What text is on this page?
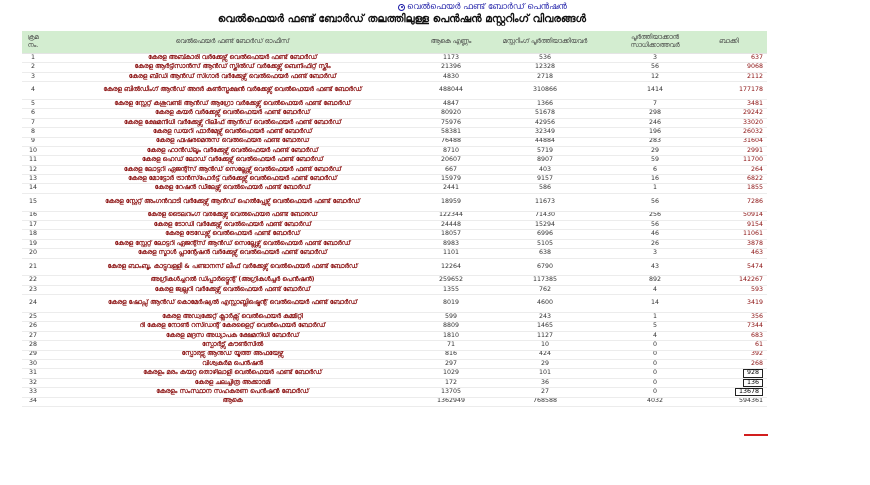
വെൽഫെയർ ഫണ്ട് ബോർഡ് പെൻഷൻ
വെൽഫെയർ ഫണ്ട് ബോർഡ് തലത്തിലുള്ള പെൻഷൻ മസ്റ്ററിംഗ് വിവരങ്ങൾ
ക്രമ നം.	വെൽഫെയർ ഫണ്ട് ബോർഡ് ഓഫീസ്	ആകെ എണ്ണം	മസ്റ്ററിംഗ് പൂർത്തിയാക്കിയവർ	പൂർത്തിയാക്കാൻ സാധിക്കാത്തവർ	ബാക്കി
1	കേരള അബ്കാരി വർക്കേഴ്സ് വെൽഫെയർ ഫണ്ട് ബോർഡ്	1173	536	3	637
2	കേരള ആർട്ടിസാൻസ് ആൻഡ് സ്കിൽഡ് വർക്കേഴ്സ് ബെനിഫിറ്റ് സ്കീം	21396	12328	56	9068
3	കേരള ബീഡി ആൻഡ് സിഗാർ വർക്കേഴ്സ് വെൽഫെയർ ഫണ്ട് ബോർഡ്	4830	2718	12	2112
4	കേരള ബിൽഡിംഗ് ആൻഡ് അദർ കൺസ്ട്രക്ഷൻ വർക്കേഴ്സ് വെൽഫെയർ ഫണ്ട് ബോർഡ്	488044	310866	1414	177178
5	കേരള സ്റ്റേറ്റ് കശുവണ്ടി ആൻഡ് ആഗ്രോ വർക്കേഴ്സ് വെൽഫെയർ ഫണ്ട് ബോർഡ്	4847	1366	7	3481
6	കേരള കയർ വർക്കേഴ്സ് വെൽഫെയർ ഫണ്ട് ബോർഡ്	80920	51678	298	29242
7	കേരള ക്ഷേമനിധി വർക്കേഴ്സ് റിലീഫ് ആൻഡ് വെൽഫെയർ ഫണ്ട് ബോർഡ്	75976	42956	246	33020
8	കേരള ഡയറി ഫാർമേഴ്സ് വെൽഫെയർ ഫണ്ട് ബോർഡ്	58381	32349	196	26032
9	കേരള ഫിഷർമെൻസ് വെൽഫെയർ ഫണ്ട് ബോർഡ്	76488	44884	283	31604
10	കേരള ഹാൻഡ്‌ലൂം വർക്കേഴ്സ് വെൽഫെയർ ഫണ്ട് ബോർഡ്	8710	5719	29	2991
11	കേരള ഹെഡ് ലോഡ് വർക്കേഴ്സ് വെൽഫെയർ ഫണ്ട് ബോർഡ്	20607	8907	59	11700
12	കേരള ലോട്ടറി ഏജന്റ്സ് ആൻഡ് സെല്ലേഴ്സ് വെൽഫെയർ ഫണ്ട് ബോർഡ്	667	403	6	264
13	കേരള മോട്ടോർ ട്രാൻസ്‌പോർട്ട് വർക്കേഴ്സ് വെൽഫെയർ ഫണ്ട് ബോർഡ്	15979	9157	16	6822
14	കേരള റേഷൻ ഡീലേഴ്സ് വെൽഫെയർ ഫണ്ട് ബോർഡ്	2441	586	1	1855
15	കേരള സ്റ്റേറ്റ് അംഗൻവാടി വർക്കേഴ്സ് ആൻഡ് ഹെൽപ്പേഴ്സ് വെൽഫെയർ ഫണ്ട് ബോർഡ്	18959	11673	56	7286
16	കേരള ടൈലറിംഗ് വർക്കേഴ്സ് വെൽഫെയർ ഫണ്ട് ബോർഡ്	122344	71430	256	50914
17	കേരള ടോഡി വർക്കേഴ്സ് വെൽഫെയർ ഫണ്ട് ബോർഡ്	24448	15294	56	9154
18	കേരള ട്രേഡേഴ്സ് വെൽഫെയർ ഫണ്ട് ബോർഡ്	18057	6996	46	11061
19	കേരള സ്റ്റേറ്റ് ലോട്ടറി ഏജന്റ്സ് ആൻഡ് സെല്ലേഴ്സ് വെൽഫെയർ ഫണ്ട് ബോർഡ്	8983	5105	26	3878
20	കേരള സ്മാൾ പ്ലാന്റേഷൻ വർക്കേഴ്സ് വെൽഫെയർ ഫണ്ട് ബോർഡ്	1101	638	3	463
21	കേരള ബാംബൂ, കാട്ടുവള്ളി & പണ്ടാനസ് ലീഫ് വർക്കേഴ്സ് വെൽഫെയർ ഫണ്ട് ബോർഡ്	12264	6790	43	5474
22	അഗ്രികൾച്ചറൽ ഡിപ്പാർട്ട്മെന്റ് (അഗ്രികൾച്ചർ പെൻഷൻ)	259652	117385	892	142267
23	കേരള ജ്വല്ലറി വർക്കേഴ്സ് വെൽഫെയർ ഫണ്ട് ബോർഡ്	1355	762	4	593
24	കേരള ഷോപ്സ് ആൻഡ് കൊമേർഷ്യൽ എസ്റ്റാബ്ലിഷ്മെന്റ് വെൽഫെയർ ഫണ്ട് ബോർഡ്	8019	4600	14	3419
25	കേരള അഡ്വക്കേറ്റ് ക്ലാർക്സ് വെൽഫെയർ കമ്മിറ്റി	599	243	1	356
26	ദി കേരള നോൺ റസിഡന്റ് കേരളൈറ്റ് വെൽഫെയർ ബോർഡ്	8809	1465	5	7344
27	കേരള മദ്രസ അധ്യാപക ക്ഷേമനിധി ബോർഡ്	1810	1127	4	683
28	സ്പോർട്സ് കൗൺസിൽ	71	10	0	61
29	സ്പോർട്സ് ആൻഡ് യൂത്ത് അഫയേഴ്സ്	816	424	0	392
30	വിശ്വകർമ പെൻഷൻ	297	29	0	268
31	കേരളം മരം കയറ്റ തൊഴിലാളി വെൽഫെയർ ഫണ്ട് ബോർഡ്	1029	101	0	928
32	കേരള ചലച്ചിത്ര അക്കാദമി	172	36	0	136
33	കേരളം സംസ്ഥാന സഹകരണ പെൻഷൻ ബോർഡ്	13705	27	0	13678
34	ആകെ	1362949	768588	4032	594361
